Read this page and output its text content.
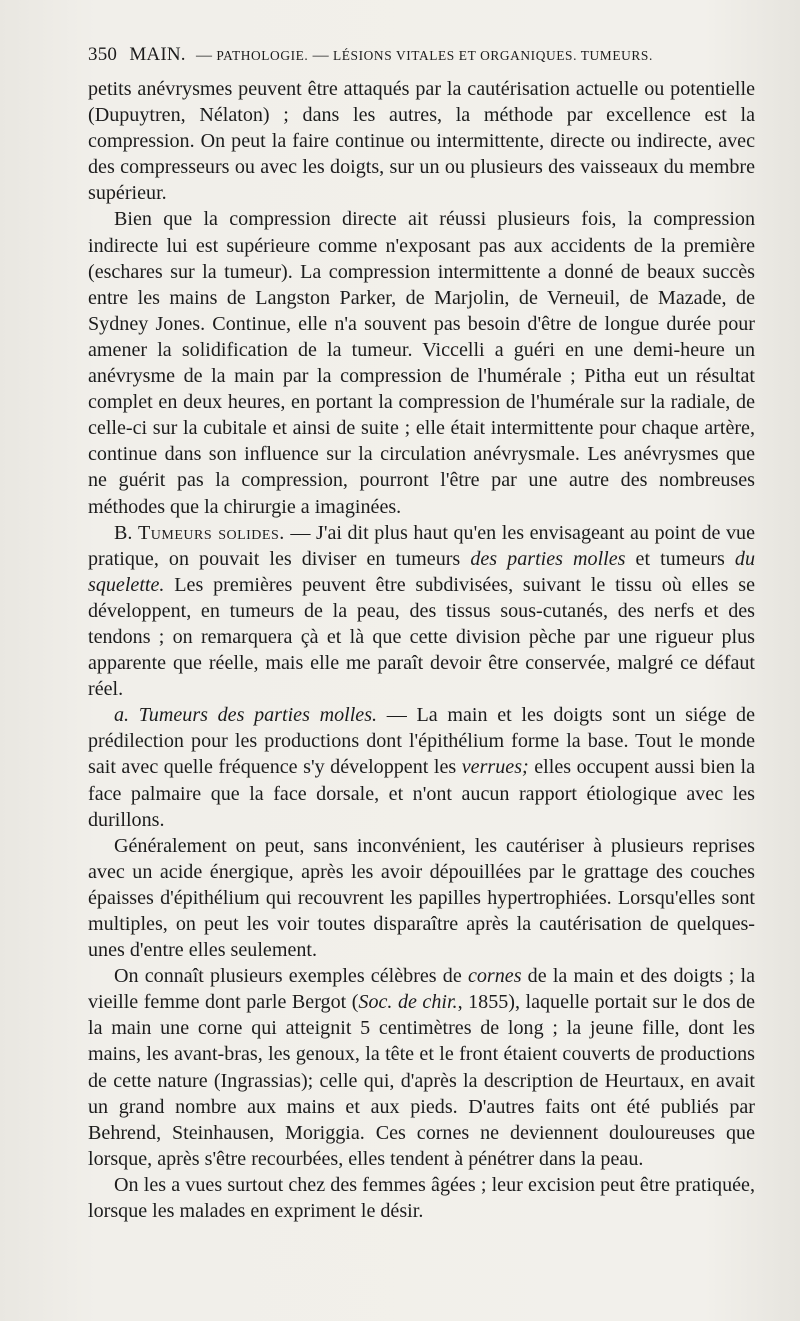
350 MAIN. — PATHOLOGIE. — LÉSIONS VITALES ET ORGANIQUES. TUMEURS.

petits anévrysmes peuvent être attaqués par la cautérisation actuelle ou potentielle (Dupuytren, Nélaton) ; dans les autres, la méthode par excellence est la compression. On peut la faire continue ou intermittente, directe ou indirecte, avec des compresseurs ou avec les doigts, sur un ou plusieurs des vaisseaux du membre supérieur.

Bien que la compression directe ait réussi plusieurs fois, la compression indirecte lui est supérieure comme n'exposant pas aux accidents de la première (eschares sur la tumeur). La compression intermittente a donné de beaux succès entre les mains de Langston Parker, de Marjolin, de Verneuil, de Mazade, de Sydney Jones. Continue, elle n'a souvent pas besoin d'être de longue durée pour amener la solidification de la tumeur. Viccelli a guéri en une demi-heure un anévrysme de la main par la compression de l'humérale ; Pitha eut un résultat complet en deux heures, en portant la compression de l'humérale sur la radiale, de celle-ci sur la cubitale et ainsi de suite ; elle était intermittente pour chaque artère, continue dans son influence sur la circulation anévrysmale. Les anévrysmes que ne guérit pas la compression, pourront l'être par une autre des nombreuses méthodes que la chirurgie a imaginées.

B. Tumeurs solides. — J'ai dit plus haut qu'en les envisageant au point de vue pratique, on pouvait les diviser en tumeurs des parties molles et tumeurs du squelette. Les premières peuvent être subdivisées, suivant le tissu où elles se développent, en tumeurs de la peau, des tissus sous-cutanés, des nerfs et des tendons ; on remarquera çà et là que cette division pèche par une rigueur plus apparente que réelle, mais elle me paraît devoir être conservée, malgré ce défaut réel.

a. Tumeurs des parties molles. — La main et les doigts sont un siége de prédilection pour les productions dont l'épithélium forme la base. Tout le monde sait avec quelle fréquence s'y développent les verrues; elles occupent aussi bien la face palmaire que la face dorsale, et n'ont aucun rapport étiologique avec les durillons.

Généralement on peut, sans inconvénient, les cautériser à plusieurs reprises avec un acide énergique, après les avoir dépouillées par le grattage des couches épaisses d'épithélium qui recouvrent les papilles hypertrophiées. Lorsqu'elles sont multiples, on peut les voir toutes disparaître après la cautérisation de quelques-unes d'entre elles seulement.

On connaît plusieurs exemples célèbres de cornes de la main et des doigts ; la vieille femme dont parle Bergot (Soc. de chir., 1855), laquelle portait sur le dos de la main une corne qui atteignit 5 centimètres de long ; la jeune fille, dont les mains, les avant-bras, les genoux, la tête et le front étaient couverts de productions de cette nature (Ingrassias); celle qui, d'après la description de Heurtaux, en avait un grand nombre aux mains et aux pieds. D'autres faits ont été publiés par Behrend, Steinhausen, Moriggia. Ces cornes ne deviennent douloureuses que lorsque, après s'être recourbées, elles tendent à pénétrer dans la peau.

On les a vues surtout chez des femmes âgées ; leur excision peut être pratiquée, lorsque les malades en expriment le désir.
